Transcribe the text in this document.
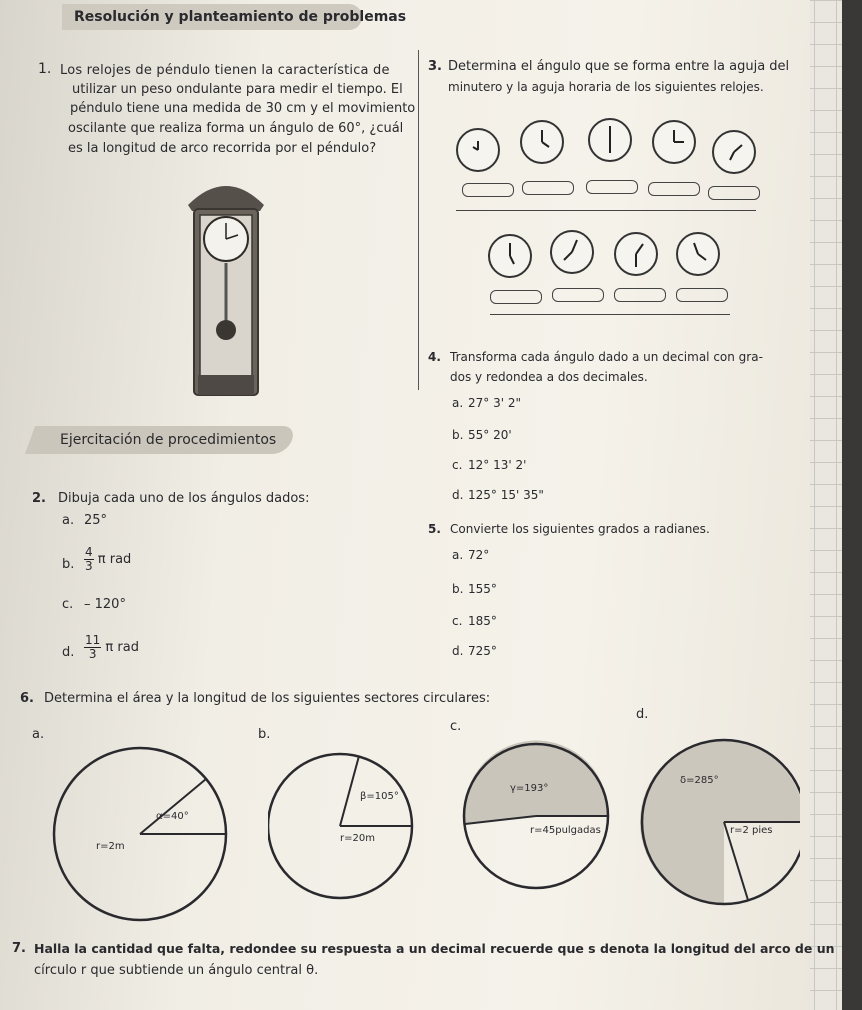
Resolución y planteamiento de problemas
1. Los relojes de péndulo tienen la característica de
utilizar un peso ondulante para medir el tiempo. El
péndulo tiene una medida de 30 cm y el movimiento
oscilante que realiza forma un ángulo de 60°, ¿cuál
es la longitud de arco recorrida por el péndulo?
3. Determina el ángulo que se forma entre la aguja del
minutero y la aguja horaria de los siguientes relojes.
4. Transforma cada ángulo dado a un decimal con gra-
dos y redondea a dos decimales.
a. 27° 3' 2"
b. 55° 20'
c. 12° 13' 2'
d. 125° 15' 35"
Ejercitación de procedimientos
2. Dibuja cada uno de los ángulos dados:
a. 25°
b. $\frac{4}{3}$ π rad
c. – 120°
d. $\frac{11}{3}$ π rad
5. Convierte los siguientes grados a radianes.
a. 72°
b. 155°
c. 185°
d. 725°
6. Determina el área y la longitud de los siguientes sectores circulares:
a.	b.
c.
d.
α=40°
r=2m
β=105°
r=20m
γ=193°
r=45pulgadas
δ=285°
r=2 pies
7. Halla la cantidad que falta, redondee su respuesta a un decimal recuerde que s denota la longitud del arco de un
círculo r que subtiende un ángulo central θ.
